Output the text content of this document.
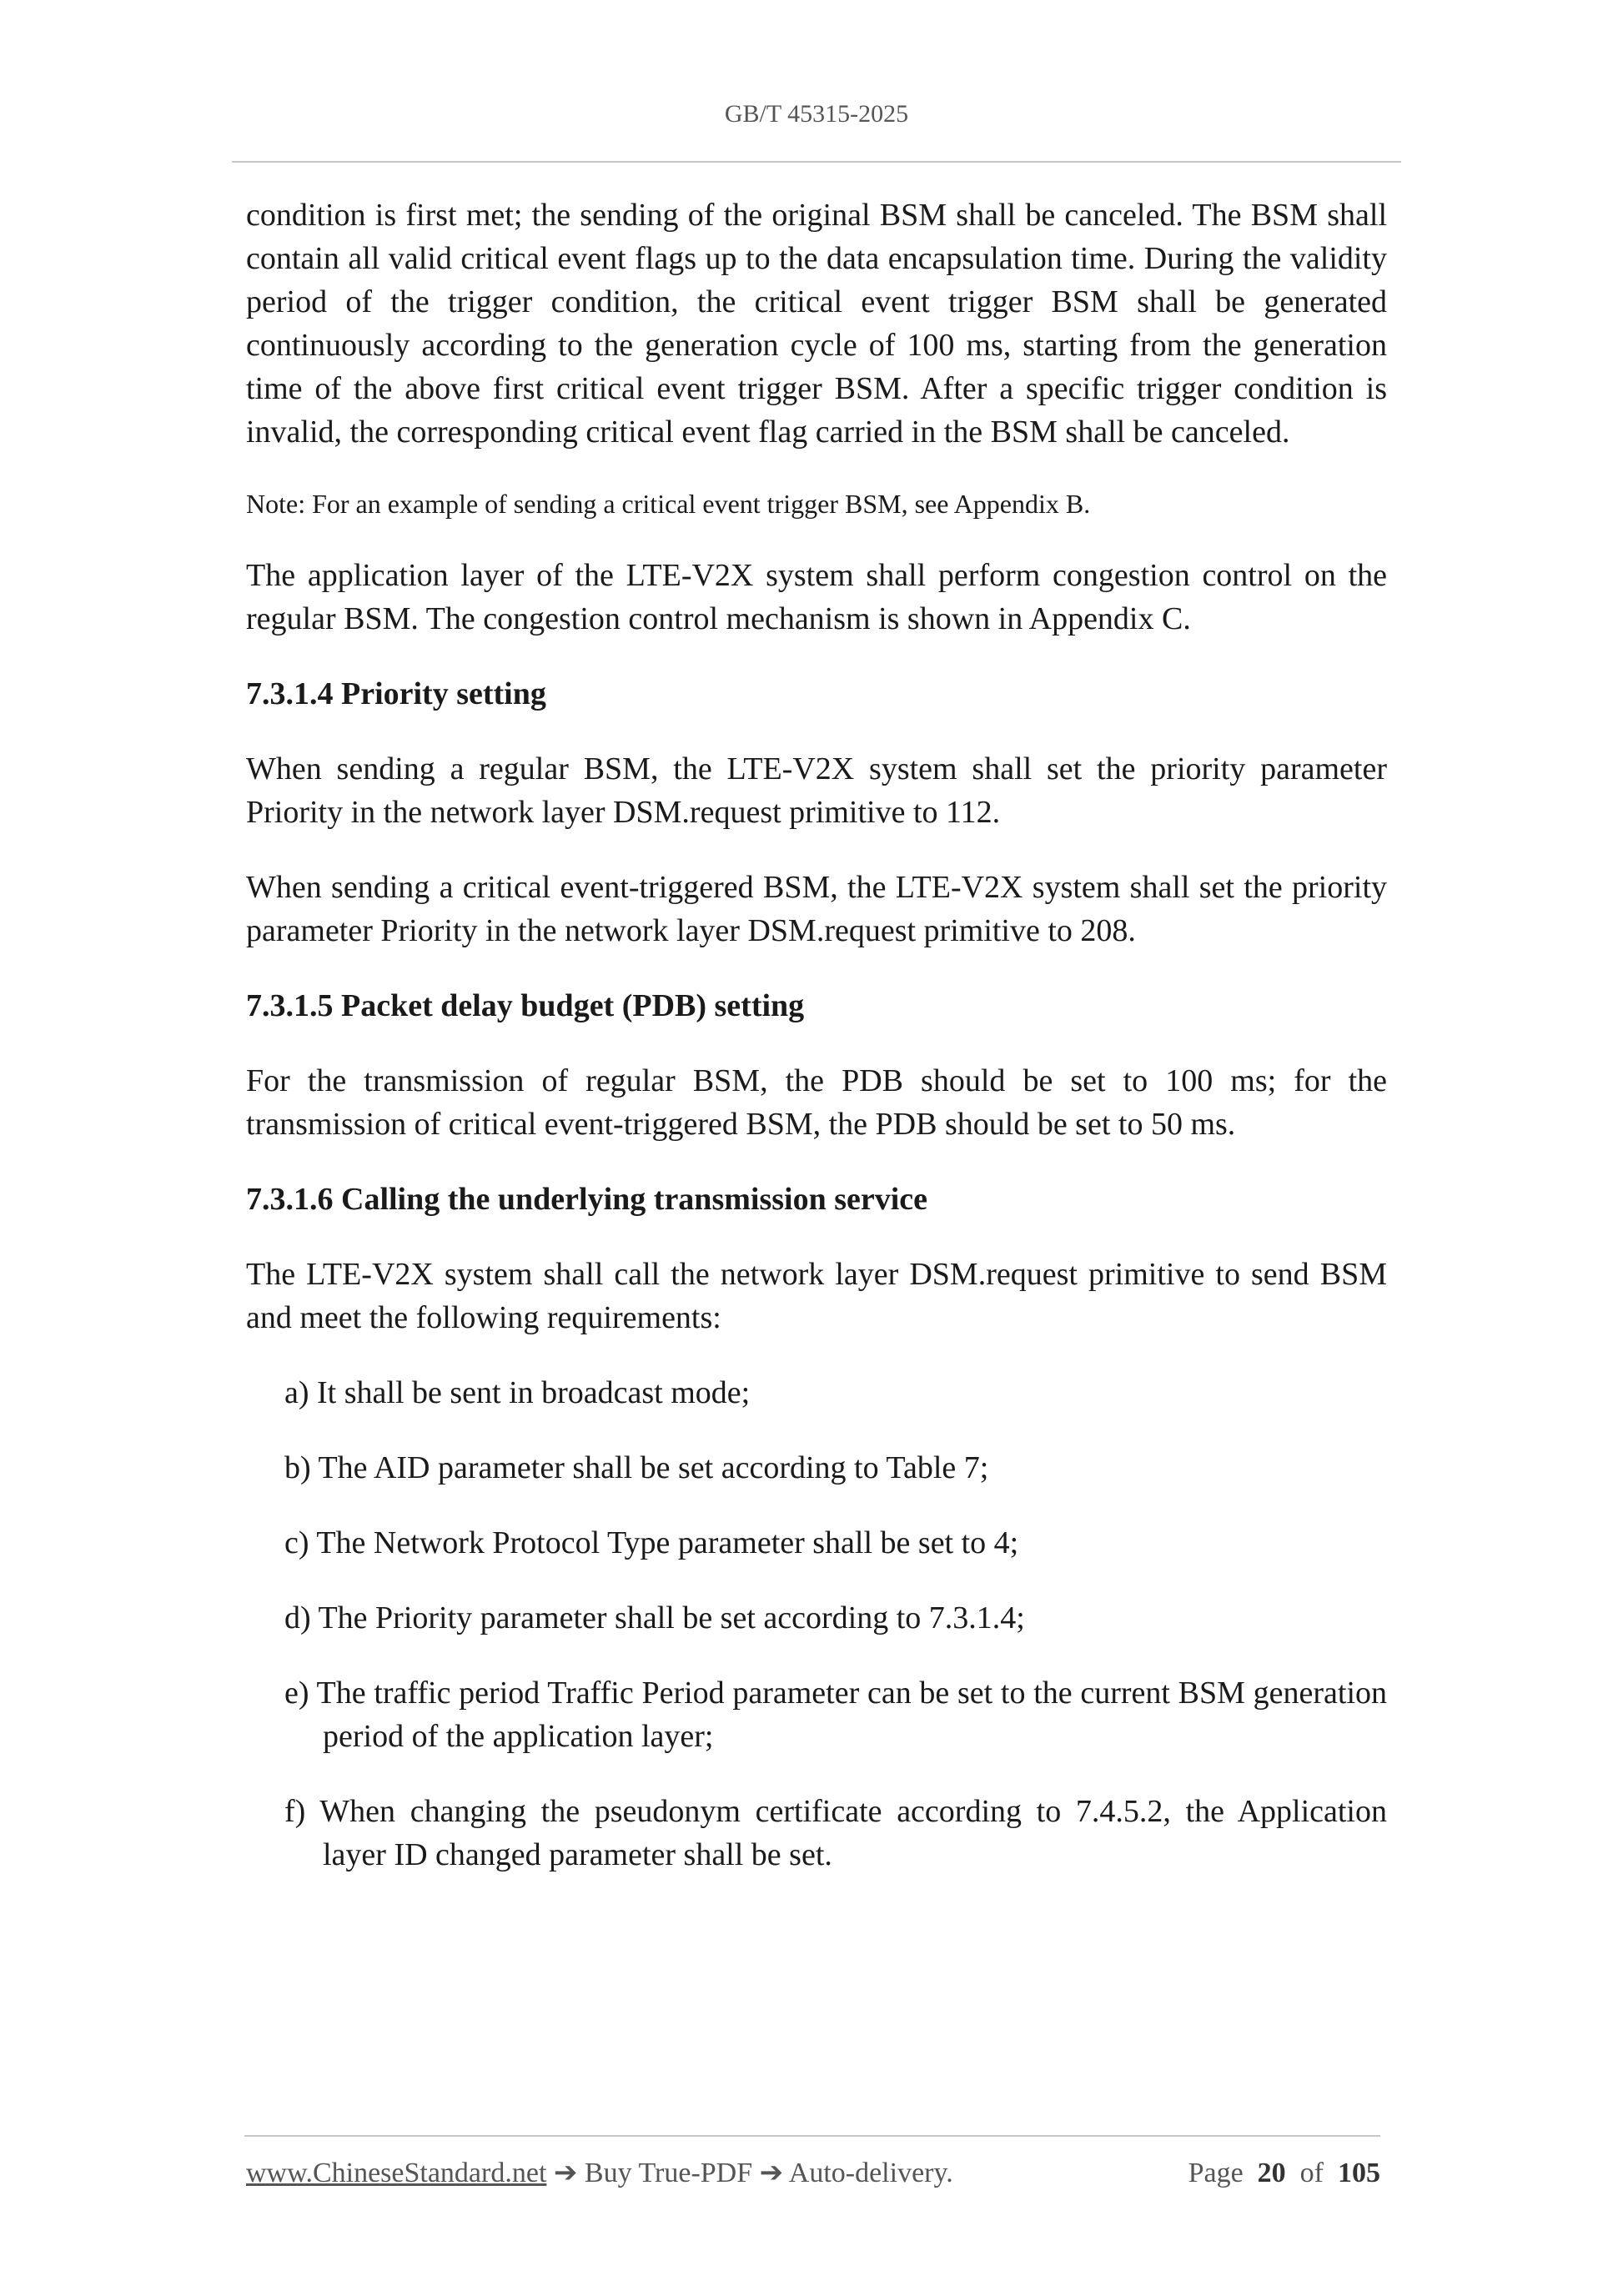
GB/T 45315-2025

condition is first met; the sending of the original BSM shall be canceled. The BSM shall contain all valid critical event flags up to the data encapsulation time. During the validity period of the trigger condition, the critical event trigger BSM shall be generated continuously according to the generation cycle of 100 ms, starting from the generation time of the above first critical event trigger BSM. After a specific trigger condition is invalid, the corresponding critical event flag carried in the BSM shall be canceled.

Note: For an example of sending a critical event trigger BSM, see Appendix B.

The application layer of the LTE-V2X system shall perform congestion control on the regular BSM. The congestion control mechanism is shown in Appendix C.

7.3.1.4 Priority setting

When sending a regular BSM, the LTE-V2X system shall set the priority parameter Priority in the network layer DSM.request primitive to 112.

When sending a critical event-triggered BSM, the LTE-V2X system shall set the priority parameter Priority in the network layer DSM.request primitive to 208.

7.3.1.5 Packet delay budget (PDB) setting

For the transmission of regular BSM, the PDB should be set to 100 ms; for the transmission of critical event-triggered BSM, the PDB should be set to 50 ms.

7.3.1.6 Calling the underlying transmission service

The LTE-V2X system shall call the network layer DSM.request primitive to send BSM and meet the following requirements:

a) It shall be sent in broadcast mode;
b) The AID parameter shall be set according to Table 7;
c) The Network Protocol Type parameter shall be set to 4;
d) The Priority parameter shall be set according to 7.3.1.4;
e) The traffic period Traffic Period parameter can be set to the current BSM generation period of the application layer;
f) When changing the pseudonym certificate according to 7.4.5.2, the Application layer ID changed parameter shall be set.
www.ChineseStandard.net ➔ Buy True-PDF ➔ Auto-delivery.	Page 20 of 105
